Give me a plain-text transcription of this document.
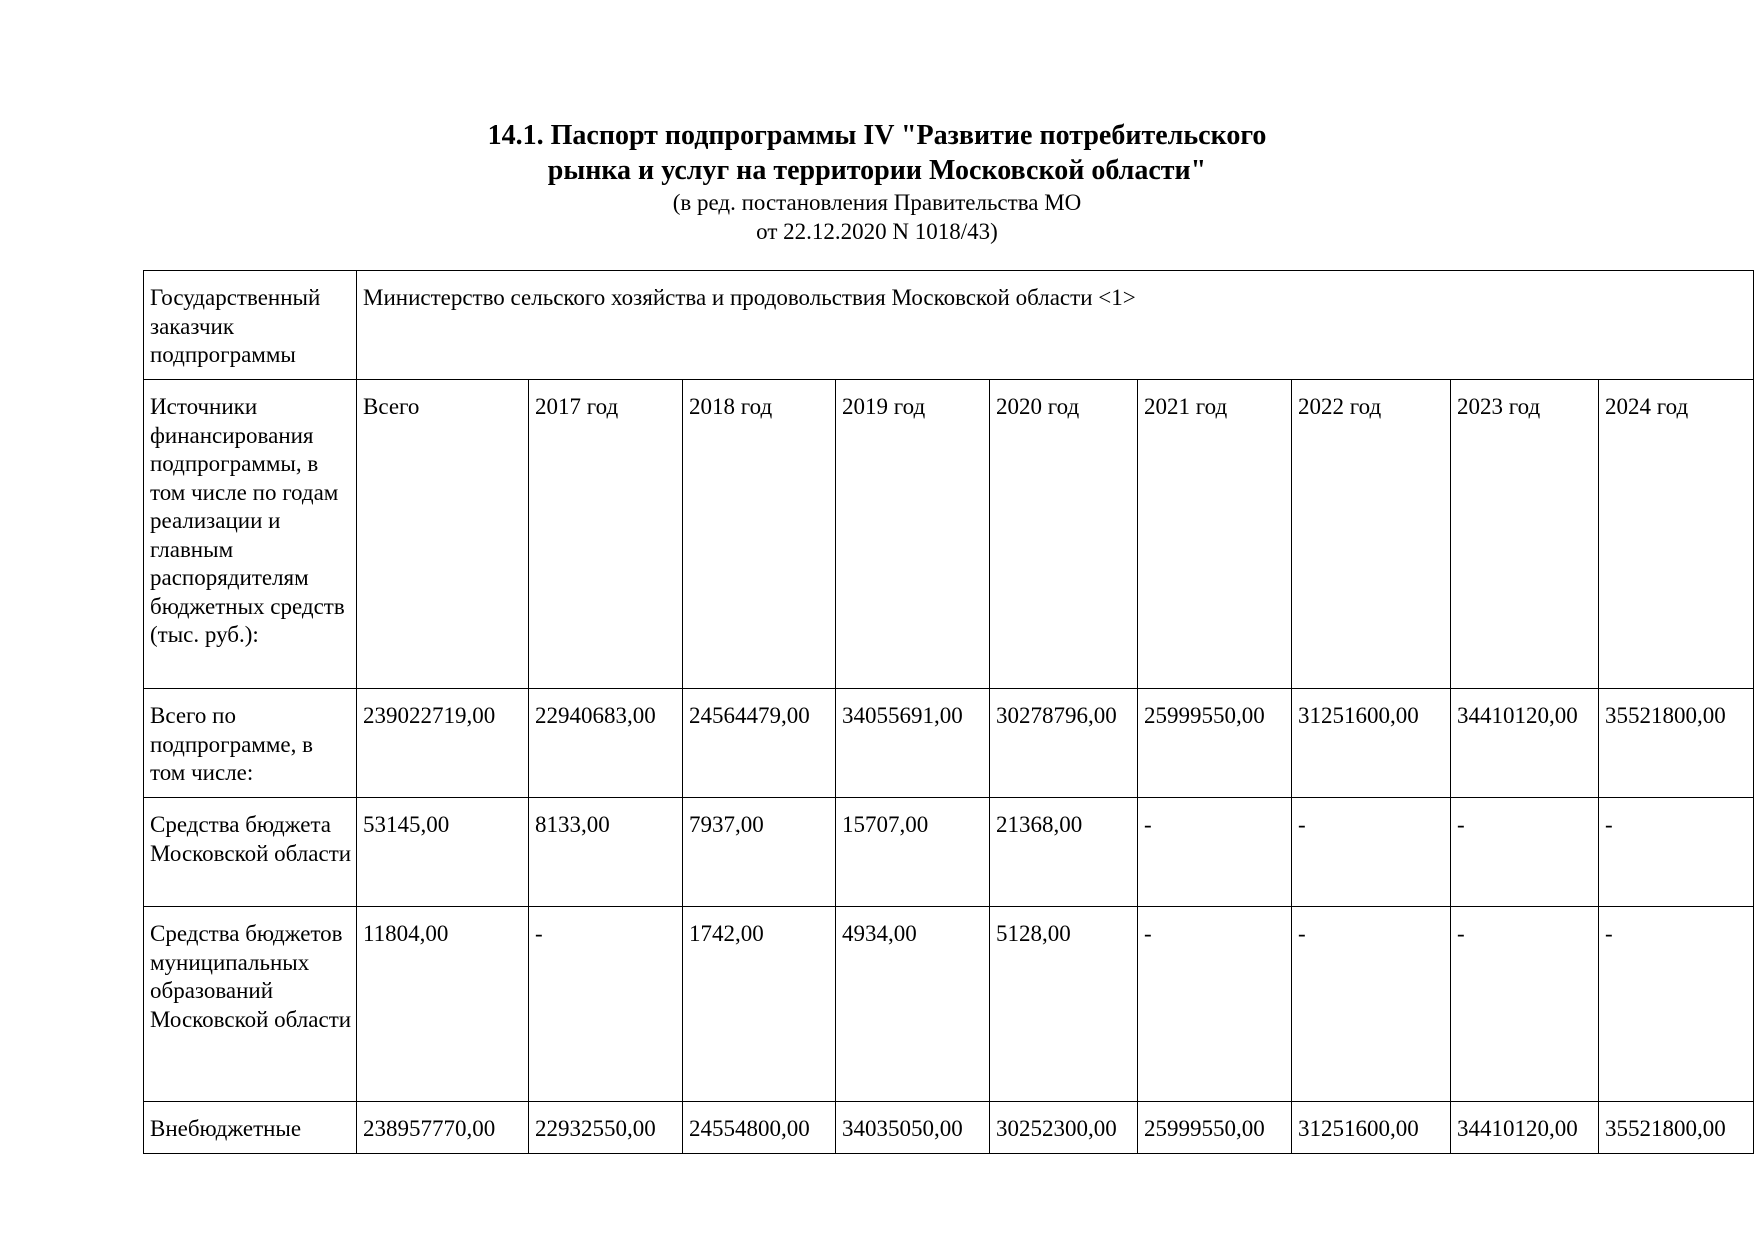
14.1. Паспорт подпрограммы IV "Развитие потребительского
рынка и услуг на территории Московской области"
(в ред. постановления Правительства МО
от 22.12.2020 N 1018/43)
Государственный заказчик подпрограммы	Министерство сельского хозяйства и продовольствия Московской области <1>								
Источники финансирования подпрограммы, в том числе по годам реализации и главным распорядителям бюджетных средств (тыс. руб.):	Всего	2017 год	2018 год	2019 год	2020 год	2021 год	2022 год	2023 год	2024 год
Всего по подпрограмме, в том числе:	239022719,00	22940683,00	24564479,00	34055691,00	30278796,00	25999550,00	31251600,00	34410120,00	35521800,00
Средства бюджета Московской области	53145,00	8133,00	7937,00	15707,00	21368,00	-	-	-	-
Средства бюджетов муниципальных образований Московской области	11804,00	-	1742,00	4934,00	5128,00	-	-	-	-
Внебюджетные	238957770,00	22932550,00	24554800,00	34035050,00	30252300,00	25999550,00	31251600,00	34410120,00	35521800,00
